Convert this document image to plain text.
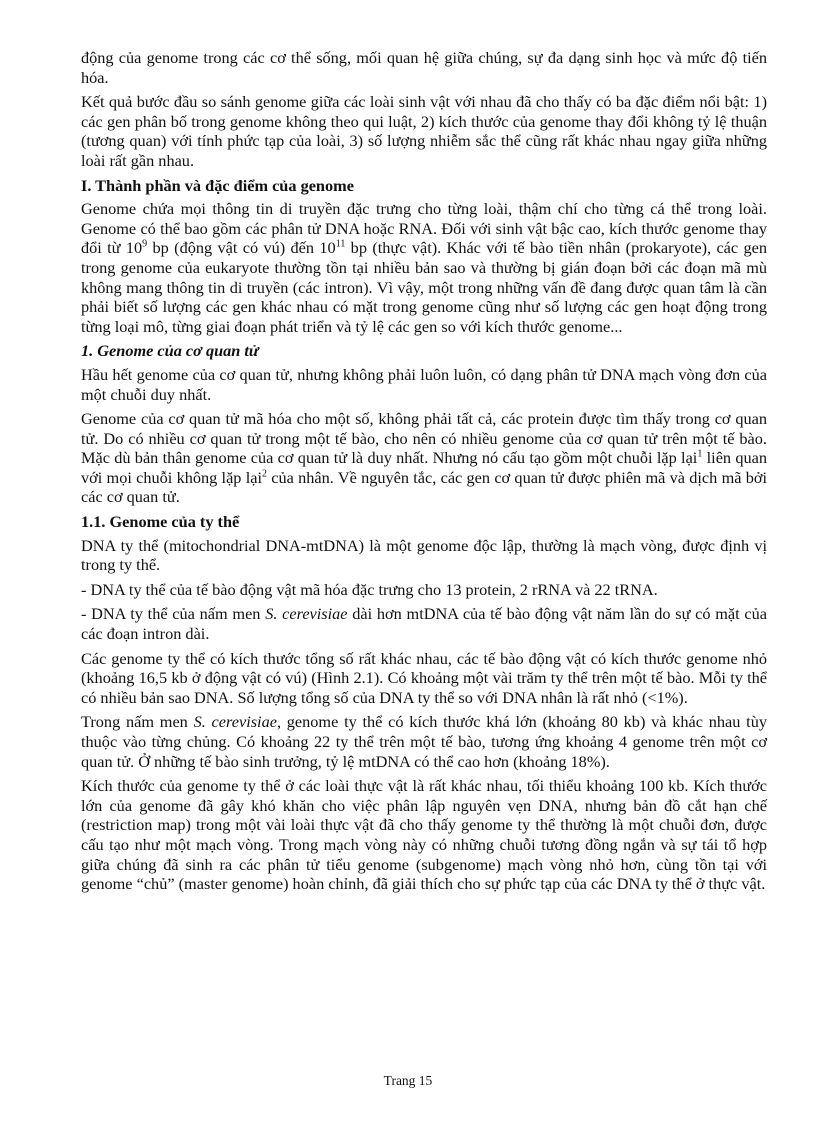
động của genome trong các cơ thể sống, mối quan hệ giữa chúng, sự đa dạng sinh học và mức độ tiến hóa.

Kết quả bước đầu so sánh genome giữa các loài sinh vật với nhau đã cho thấy có ba đặc điểm nổi bật: 1) các gen phân bố trong genome không theo qui luật, 2) kích thước của genome thay đổi không tỷ lệ thuận (tương quan) với tính phức tạp của loài, 3) số lượng nhiễm sắc thể cũng rất khác nhau ngay giữa những loài rất gần nhau.

I. Thành phần và đặc điểm của genome

Genome chứa mọi thông tin di truyền đặc trưng cho từng loài, thậm chí cho từng cá thể trong loài. Genome có thể bao gồm các phân tử DNA hoặc RNA. Đối với sinh vật bậc cao, kích thước genome thay đổi từ $10^9$ bp (động vật có vú) đến $10^{11}$ bp (thực vật). Khác với tế bào tiền nhân (prokaryote), các gen trong genome của eukaryote thường tồn tại nhiều bản sao và thường bị gián đoạn bởi các đoạn mã mù không mang thông tin di truyền (các intron). Vì vậy, một trong những vấn đề đang được quan tâm là cần phải biết số lượng các gen khác nhau có mặt trong genome cũng như số lượng các gen hoạt động trong từng loại mô, từng giai đoạn phát triển và tỷ lệ các gen so với kích thước genome...

1. Genome của cơ quan tử

Hầu hết genome của cơ quan tử, nhưng không phải luôn luôn, có dạng phân tử DNA mạch vòng đơn của một chuỗi duy nhất.

Genome của cơ quan tử mã hóa cho một số, không phải tất cả, các protein được tìm thấy trong cơ quan tử. Do có nhiều cơ quan tử trong một tế bào, cho nên có nhiều genome của cơ quan tử trên một tế bào. Mặc dù bản thân genome của cơ quan tử là duy nhất. Nhưng nó cấu tạo gồm một chuỗi lặp lại$^1$ liên quan với mọi chuỗi không lặp lại$^2$ của nhân. Về nguyên tắc, các gen cơ quan tử được phiên mã và dịch mã bởi các cơ quan tử.

1.1. Genome của ty thể

DNA ty thể (mitochondrial DNA-mtDNA) là một genome độc lập, thường là mạch vòng, được định vị trong ty thể.

- DNA ty thể của tế bào động vật mã hóa đặc trưng cho 13 protein, 2 rRNA và 22 tRNA.

- DNA ty thể của nấm men S. cerevisiae dài hơn mtDNA của tế bào động vật năm lần do sự có mặt của các đoạn intron dài.

Các genome ty thể có kích thước tổng số rất khác nhau, các tế bào động vật có kích thước genome nhỏ (khoảng 16,5 kb ở động vật có vú) (Hình 2.1). Có khoảng một vài trăm ty thể trên một tế bào. Mỗi ty thể có nhiều bản sao DNA. Số lượng tổng số của DNA ty thể so với DNA nhân là rất nhỏ (<1%).

Trong nấm men S. cerevisiae, genome ty thể có kích thước khá lớn (khoảng 80 kb) và khác nhau tùy thuộc vào từng chủng. Có khoảng 22 ty thể trên một tế bào, tương ứng khoảng 4 genome trên một cơ quan tử. Ở những tế bào sinh trưởng, tỷ lệ mtDNA có thể cao hơn (khoảng 18%).

Kích thước của genome ty thể ở các loài thực vật là rất khác nhau, tối thiểu khoảng 100 kb. Kích thước lớn của genome đã gây khó khăn cho việc phân lập nguyên vẹn DNA, nhưng bản đồ cắt hạn chế (restriction map) trong một vài loài thực vật đã cho thấy genome ty thể thường là một chuỗi đơn, được cấu tạo như một mạch vòng. Trong mạch vòng này có những chuỗi tương đồng ngắn và sự tái tổ hợp giữa chúng đã sinh ra các phân tử tiểu genome (subgenome) mạch vòng nhỏ hơn, cùng tồn tại với genome “chủ” (master genome) hoàn chỉnh, đã giải thích cho sự phức tạp của các DNA ty thể ở thực vật.

Trang 15
